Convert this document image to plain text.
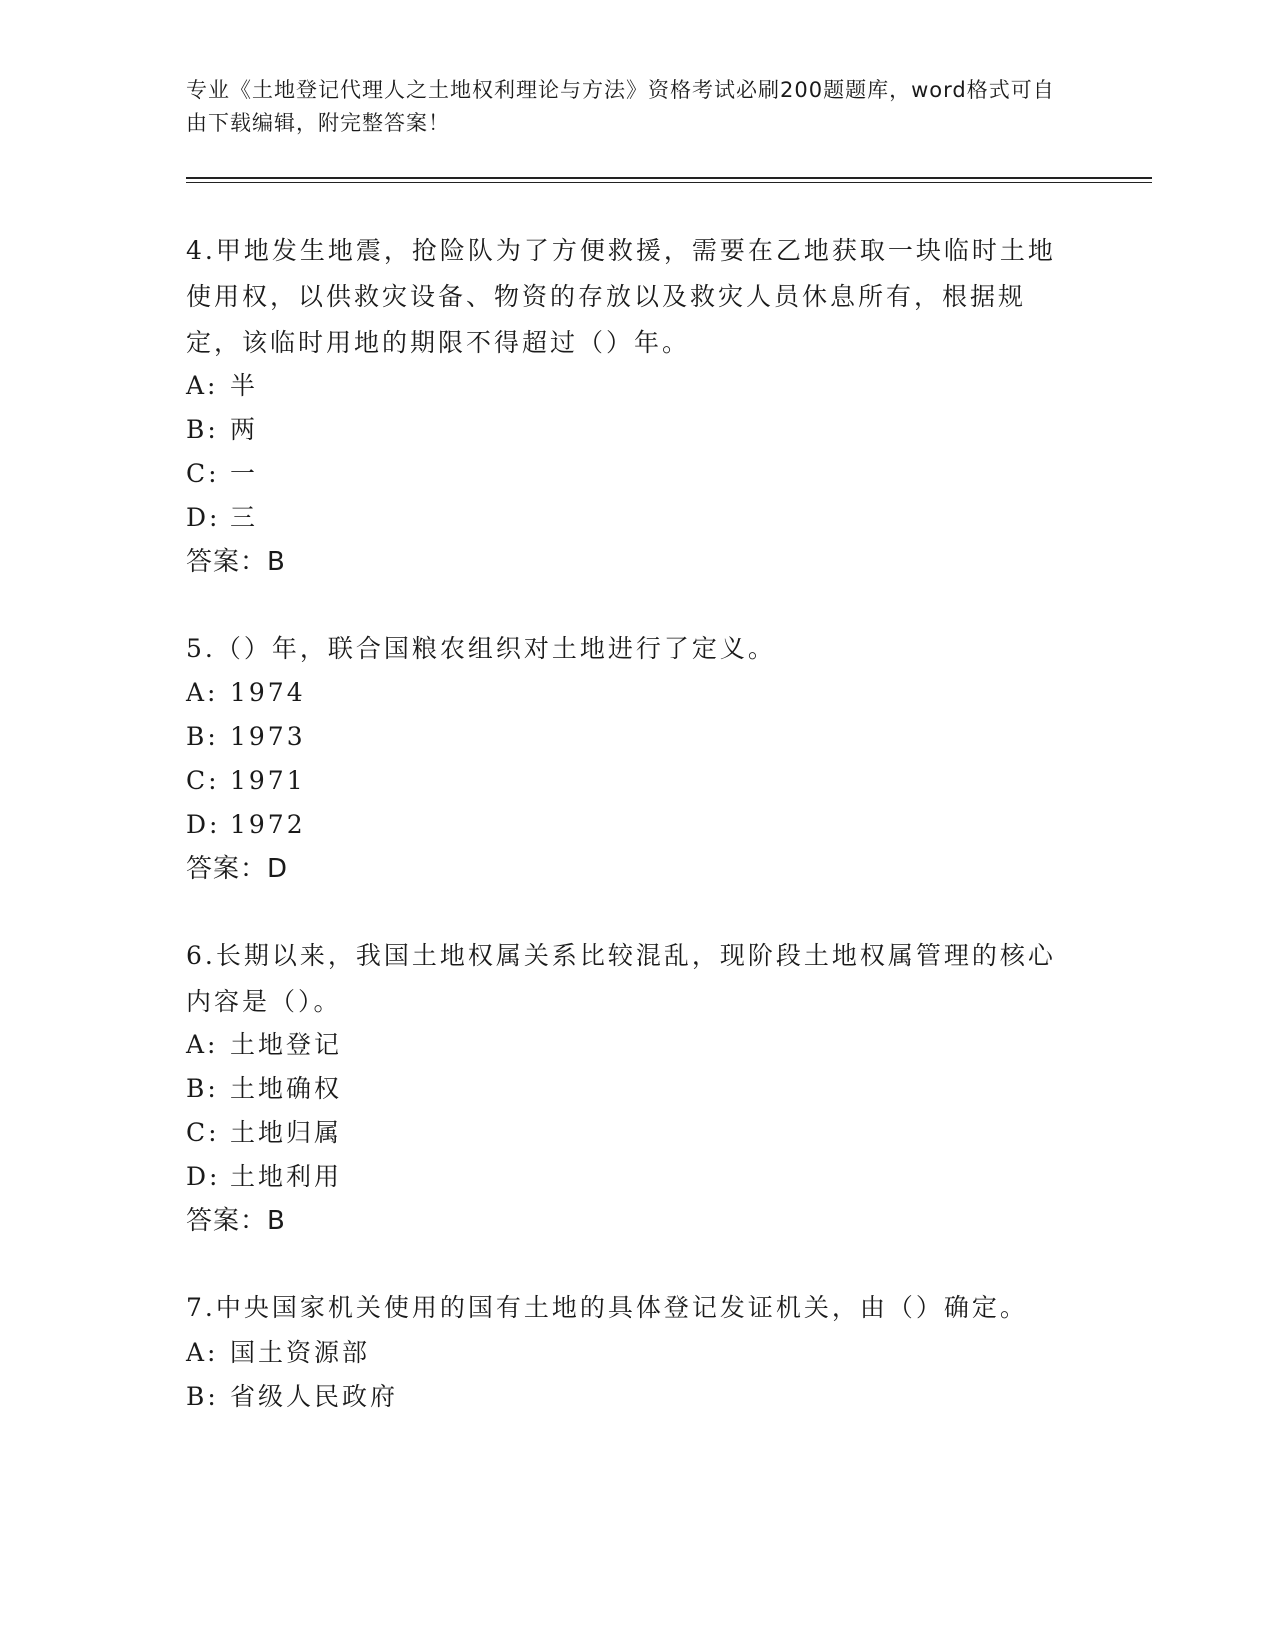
专业《土地登记代理人之土地权利理论与方法》资格考试必刷200题题库，word格式可自由下载编辑，附完整答案！
4.甲地发生地震，抢险队为了方便救援，需要在乙地获取一块临时土地使用权，以供救灾设备、物资的存放以及救灾人员休息所有，根据规定，该临时用地的期限不得超过（）年。
A: 半
B: 两
C: 一
D: 三
答案：B
5.（）年，联合国粮农组织对土地进行了定义。
A: 1974
B: 1973
C: 1971
D: 1972
答案：D
6.长期以来，我国土地权属关系比较混乱，现阶段土地权属管理的核心内容是（）。
A: 土地登记
B: 土地确权
C: 土地归属
D: 土地利用
答案：B
7.中央国家机关使用的国有土地的具体登记发证机关，由（）确定。
A: 国土资源部
B: 省级人民政府
